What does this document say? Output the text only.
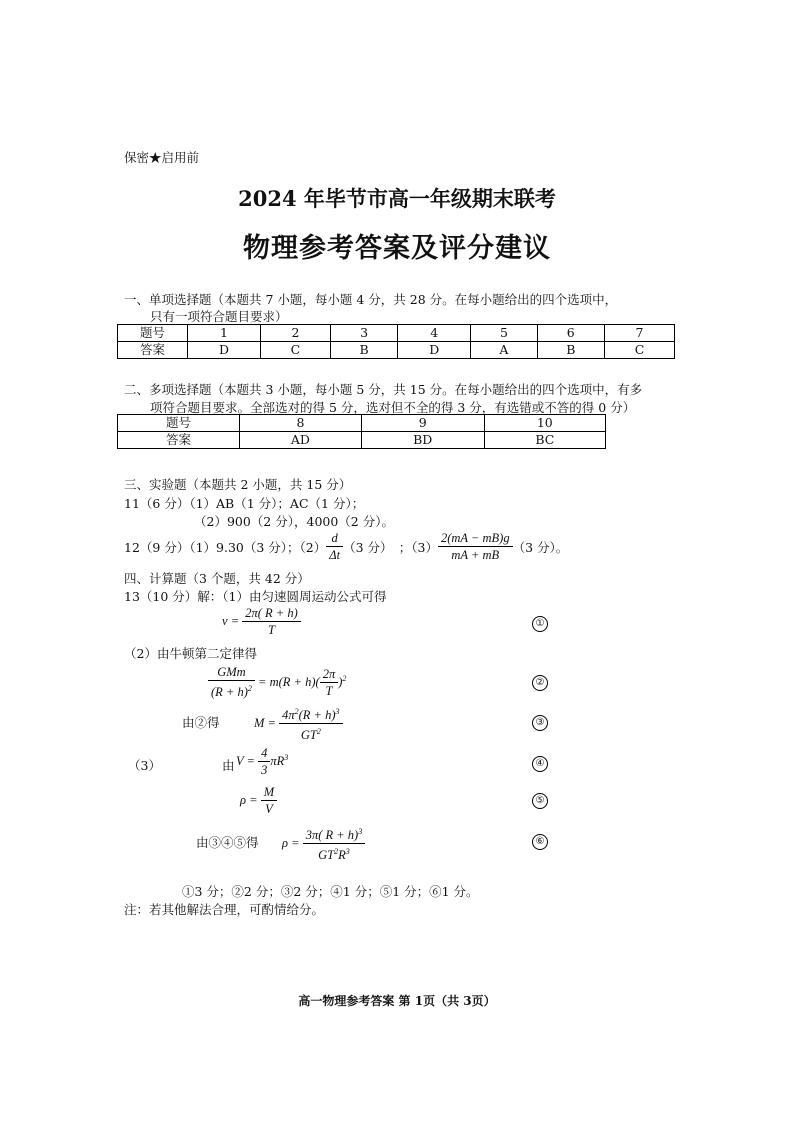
保密★启用前
2024 年毕节市高一年级期末联考
物理参考答案及评分建议
一、单项选择题（本题共 7 小题，每小题 4 分，共 28 分。在每小题给出的四个选项中，
只有一项符合题目要求）
题号	1	2	3	4	5	6	7
答案	D	C	B	D	A	B	C
二、多项选择题（本题共 3 小题，每小题 5 分，共 15 分。在每小题给出的四个选项中，有多
项符合题目要求。全部选对的得 5 分，选对但不全的得 3 分，有选错或不答的得 0 分）
题号	8	9	10
答案	AD	BD	BC
三、实验题（本题共 2 小题，共 15 分）
11（6 分）（1）AB（1 分）；AC（1 分）；
（2）900（2 分），4000（2 分）。
12（9 分）（1）9.30（3 分）；$(2) \frac{d}{\Delta t} (3$ 分）　；$(3) \frac{2(mA - mB)g}{mA + mB} (3$ 分）。
四、计算题（3 个题，共 42 分）
13（10 分）解：（1）由匀速圆周运动公式可得
$v = \frac{2\pi( R + h)}{T}$	①
（2）由牛顿第二定律得
$\frac{\text{GMm}}{(R + h)^2} = m(R + h)( \frac{2\pi}{T} )^2$	②
由②得	$M = \frac{4\pi^2(R + h)^3}{GT^2}$	③
（3）	由 $V = \frac{4}{3} \pi R^3$	④
$\rho = \frac{M}{V}$	⑤
由③④⑤得 $\rho = \frac{3\pi( R + h)^3}{GT^2R^3}$	⑥
①3 分；②2 分；③2 分；④1 分；⑤1 分；⑥1 分。
注：若其他解法合理，可酌情给分。
高一物理参考答案 第 1页（共 3页）
